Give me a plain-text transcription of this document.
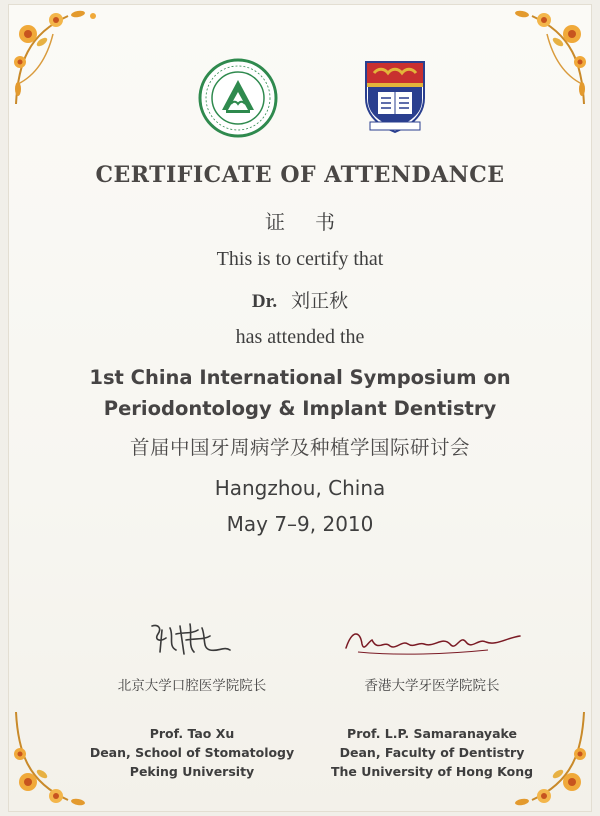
CERTIFICATE OF ATTENDANCE
证书
This is to certify that
Dr. 刘正秋
has attended the
1st China International Symposium on
Periodontology & Implant Dentistry
首届中国牙周病学及种植学国际研讨会
Hangzhou, China
May 7–9, 2010
北京大学口腔医学院院长	香港大学牙医学院院长
Prof. Tao Xu
Dean, School of Stomatology
Peking University
Prof. L.P. Samaranayake
Dean, Faculty of Dentistry
The University of Hong Kong
